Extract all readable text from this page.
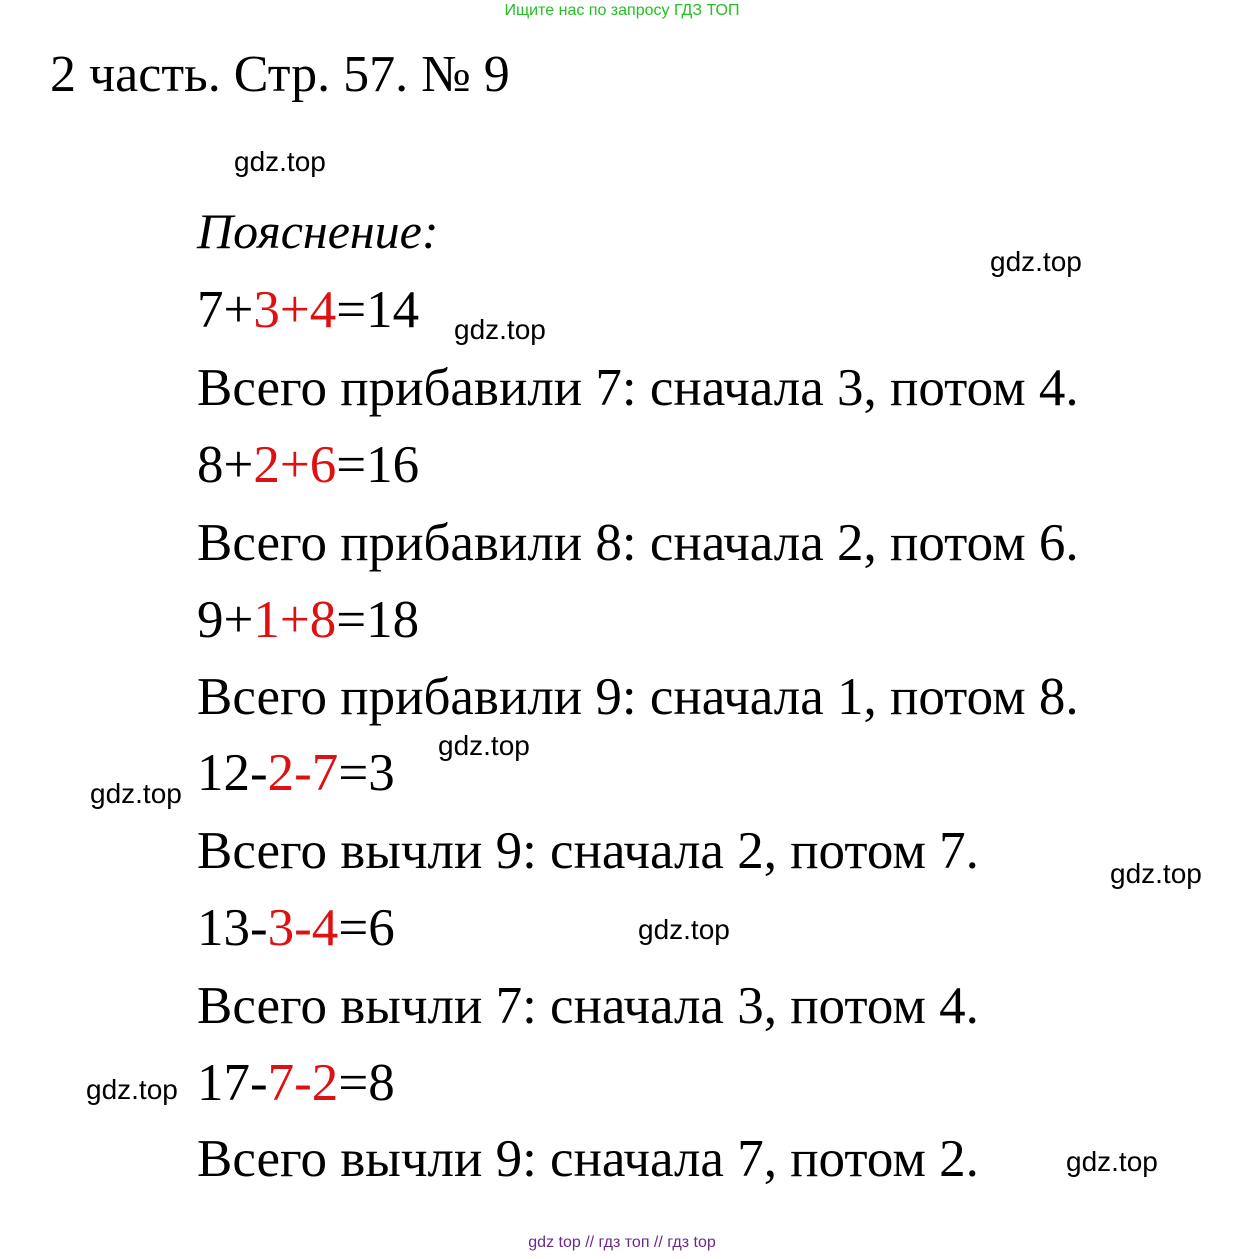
Ищите нас по запросу ГДЗ ТОП
2 часть. Стр. 57. № 9
Пояснение:
7+3+4=14
Всего прибавили 7: сначала 3, потом 4.
8+2+6=16
Всего прибавили 8: сначала 2, потом 6.
9+1+8=18
Всего прибавили 9: сначала 1, потом 8.
12-2-7=3
Всего вычли 9: сначала 2, потом 7.
13-3-4=6
Всего вычли 7: сначала 3, потом 4.
17-7-2=8
Всего вычли 9: сначала 7, потом 2.
gdz.top
gdz.top
gdz.top
gdz.top
gdz.top
gdz.top
gdz.top
gdz.top
gdz.top
gdz top // гдз топ // гдз top
